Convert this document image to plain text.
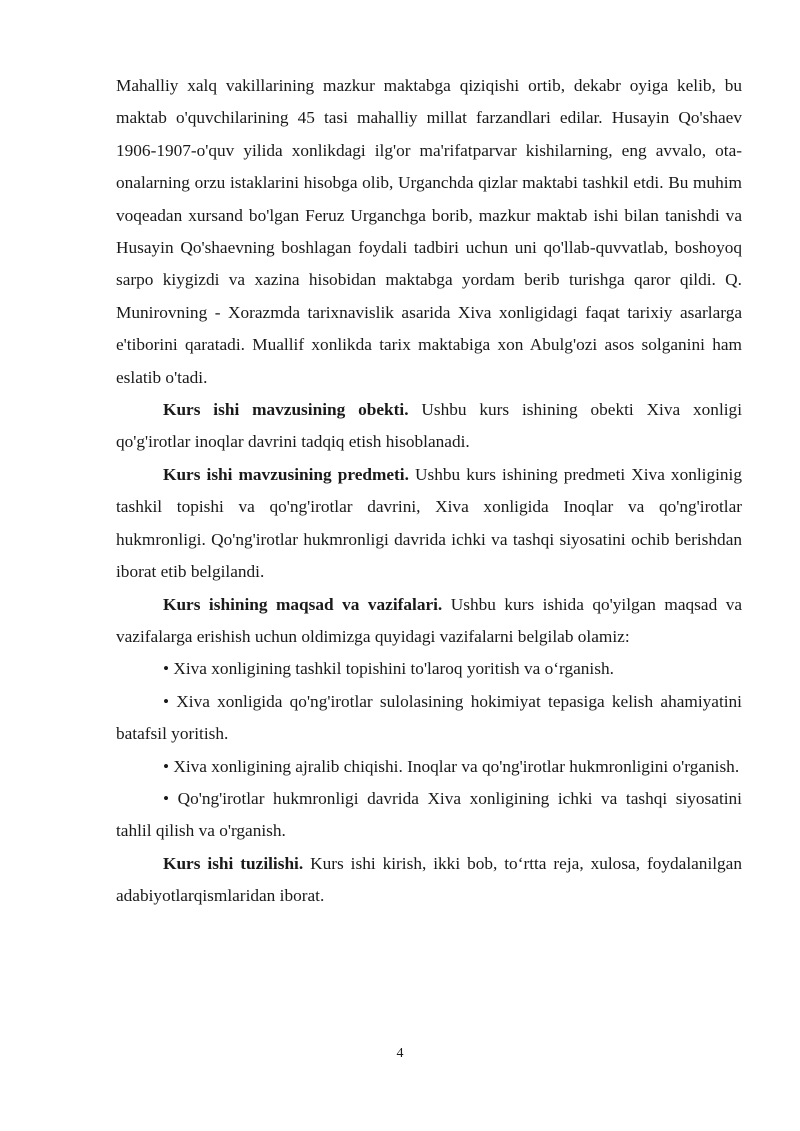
Mahalliy xalq vakillarining mazkur maktabga qiziqishi ortib, dekabr oyiga kelib, bu maktab o'quvchilarining 45 tasi mahalliy millat farzandlari edilar. Husayin Qo'shaev 1906-1907-o'quv yilida xonlikdagi ilg'or ma'rifatparvar kishilarning, eng avvalo, ota-onalarning orzu istaklarini hisobga olib, Urganchda qizlar maktabi tashkil etdi. Bu muhim voqeadan xursand bo'lgan Feruz Urganchga borib, mazkur maktab ishi bilan tanishdi va Husayin Qo'shaevning boshlagan foydali tadbiri uchun uni qo'llab-quvvatlab, boshoyoq sarpo kiygizdi va xazina hisobidan maktabga yordam berib turishga qaror qildi. Q. Munirovning - Xorazmda tarixnavislik asarida Xiva xonligidagi faqat tarixiy asarlarga e'tiborini qaratadi. Muallif xonlikda tarix maktabiga xon Abulg'ozi asos solganini ham eslatib o'tadi.

Kurs ishi mavzusining obekti. Ushbu kurs ishining obekti Xiva xonligi qo'g'irotlar inoqlar davrini tadqiq etish hisoblanadi.

Kurs ishi mavzusining predmeti. Ushbu kurs ishining predmeti Xiva xonliginig tashkil topishi va qo'ng'irotlar davrini, Xiva xonligida Inoqlar va qo'ng'irotlar hukmronligi. Qo'ng'irotlar hukmronligi davrida ichki va tashqi siyosatini ochib berishdan iborat etib belgilandi.

Kurs ishining maqsad va vazifalari. Ushbu kurs ishida qo'yilgan maqsad va vazifalarga erishish uchun oldimizga quyidagi vazifalarni belgilab olamiz:

• Xiva xonligining tashkil topishini to'laroq yoritish va o‘rganish.

• Xiva xonligida qo'ng'irotlar sulolasining hokimiyat tepasiga kelish ahamiyatini batafsil yoritish.

• Xiva xonligining ajralib chiqishi. Inoqlar va qo'ng'irotlar hukmronligini o'rganish.

• Qo'ng'irotlar hukmronligi davrida Xiva xonligining ichki va tashqi siyosatini tahlil qilish va o'rganish.

Kurs ishi tuzilishi. Kurs ishi kirish, ikki bob, to‘rtta reja, xulosa, foydalanilgan adabiyotlarqismlaridan iborat.

4
